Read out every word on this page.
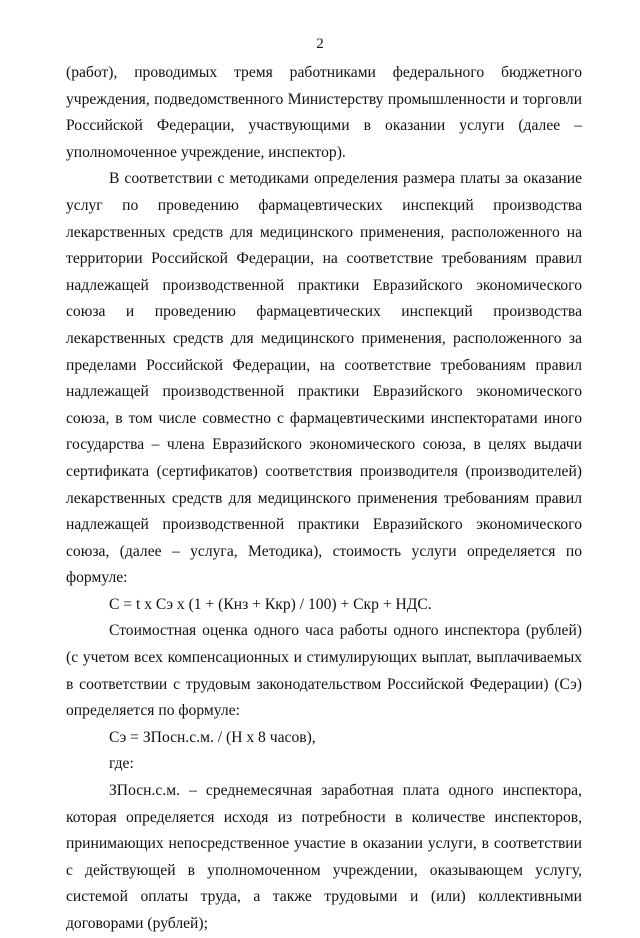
2

(работ), проводимых тремя работниками федерального бюджетного учреждения, подведомственного Министерству промышленности и торговли Российской Федерации, участвующими в оказании услуги (далее – уполномоченное учреждение, инспектор).

В соответствии с методиками определения размера платы за оказание услуг по проведению фармацевтических инспекций производства лекарственных средств для медицинского применения, расположенного на территории Российской Федерации, на соответствие требованиям правил надлежащей производственной практики Евразийского экономического союза и проведению фармацевтических инспекций производства лекарственных средств для медицинского применения, расположенного за пределами Российской Федерации, на соответствие требованиям правил надлежащей производственной практики Евразийского экономического союза, в том числе совместно с фармацевтическими инспекторатами иного государства – члена Евразийского экономического союза, в целях выдачи сертификата (сертификатов) соответствия производителя (производителей) лекарственных средств для медицинского применения требованиям правил надлежащей производственной практики Евразийского экономического союза, (далее – услуга, Методика), стоимость услуги определяется по формуле:

С = t x Cэ x (1 + (Кнз + Ккр) / 100) + Скр + НДС.

Стоимостная оценка одного часа работы одного инспектора (рублей) (с учетом всех компенсационных и стимулирующих выплат, выплачиваемых в соответствии с трудовым законодательством Российской Федерации) (Сэ) определяется по формуле:

Сэ = ЗПосн.с.м. / (Н x 8 часов),

где:

ЗПосн.с.м. – среднемесячная заработная плата одного инспектора, которая определяется исходя из потребности в количестве инспекторов, принимающих непосредственное участие в оказании услуги, в соответствии с действующей в уполномоченном учреждении, оказывающем услугу, системой оплаты труда, а также трудовыми и (или) коллективными договорами (рублей);
